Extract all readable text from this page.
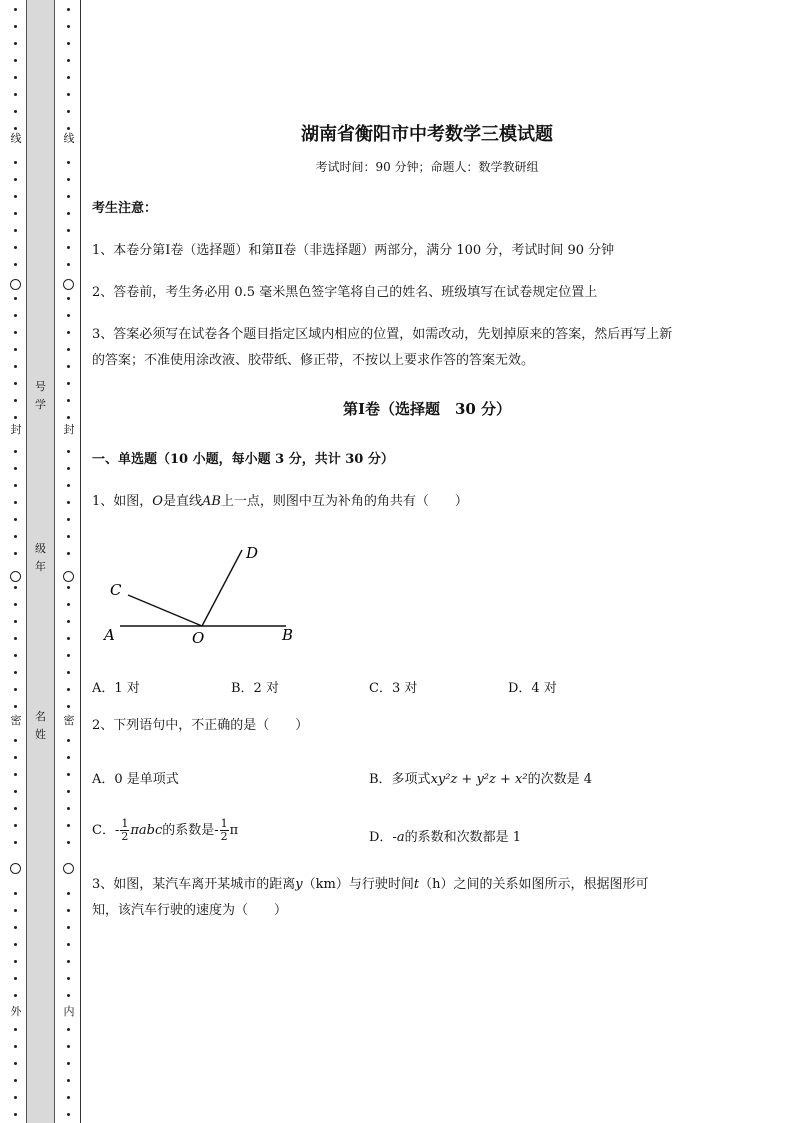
线
封
密
外
号
学
级
年
名
姓
线
封
密
内
湖南省衡阳市中考数学三模试题
考试时间：90 分钟；命题人：数学教研组
考生注意：
1、本卷分第Ⅰ卷（选择题）和第Ⅱ卷（非选择题）两部分，满分 100 分，考试时间 90 分钟
2、答卷前，考生务必用 0.5 毫米黑色签字笔将自己的姓名、班级填写在试卷规定位置上
3、答案必须写在试卷各个题目指定区域内相应的位置，如需改动，先划掉原来的答案，然后再写上新
的答案；不准使用涂改液、胶带纸、修正带，不按以上要求作答的答案无效。
第Ⅰ卷（选择题　30 分）
一、单选题（10 小题，每小题 3 分，共计 30 分）
1、如图，O是直线AB上一点，则图中互为补角的角共有（　　）
A	B
C
D
O
A．1 对	B．2 对	C．3 对	D．4 对
2、下列语句中，不正确的是（　　）
A．0 是单项式	B．多项式xy²z + y²z + x²的次数是 4
C．- $\frac{1}{2}$ πabc的系数是- $\frac{1}{2}$ π	D．-a的系数和次数都是 1
3、如图，某汽车离开某城市的距离y（km）与行驶时间t（h）之间的关系如图所示，根据图形可
知，该汽车行驶的速度为（　　）
